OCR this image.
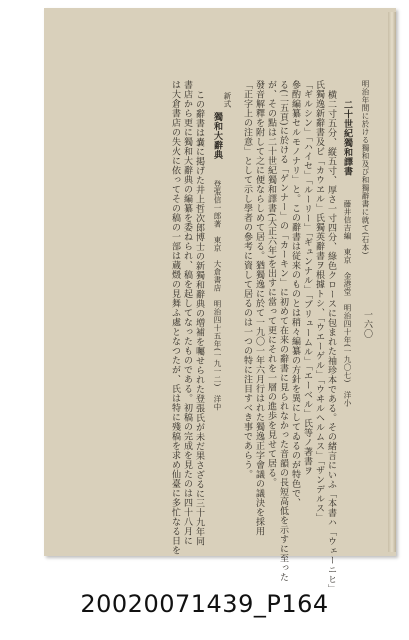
明治年間に於ける獨和及び和獨辭書に就て(石本)
一六〇
二十世紀獨和譯書
藤井信吉編　東京　金港堂　明治四十年(一九〇七)　洋小
横二寸五分、縦五寸、厚さ一寸四分、綠色クロースに包まれた袖珍本である。その緒言にいふ「本書ハ「ウェーニヒ」
氏獨逸新辭書及ビ「カウヱル」氏獨英辭書ヲ根據トシ、「ウエーゲル」「ウヰルヘルムス」「ザンデルス」
「ギルシン」「ハイセ」「ルーリー」「ギュンナル」「ブリュームル」「エーベル」氏等ノ著書ヲ
參酌編纂セルモノナリ」と。この辭書は従来のものとは稍々編纂の方針を異にしてゐるのが特色で、
る(二五頁)に於ける「ゲンナー」の「カーキン」に初めて在来の辭書に見られなかった音韻の長短高低を示すに至った
が、その點は二十世紀獨和譯書(大正六年)を出すに當って更にそれを一層の進歩を見せて居る。
發音解釋を附して之に便ならしめて居る。猶獨逸に於て一九〇一年六月行はれた獨逸正字會議の議決を採用
「正字上の注意」として示し學者の參考に資して居るのは一つの特に注目すべき事であらう。
新式
獨和大辭典
登張信一郎著　東京　大倉書店　明治四十五年(一九一二)　洋中
この辭書は嚢に掲げた井上哲次郎博士の新獨和辭典の増補を囑せられた登張氏が未だ果さざるに三十九年同
書店から更に獨和大辭典の編纂を委ねられ、稿を起してなったものである。初稿の完成を見たのは四十八月に
は大倉書店の失火に依ってその稿の一部は蔵燬の見舞ふ處となつたが、氏は特に殘稿を求め仙臺に多忙なる日を
20020071439_P164
